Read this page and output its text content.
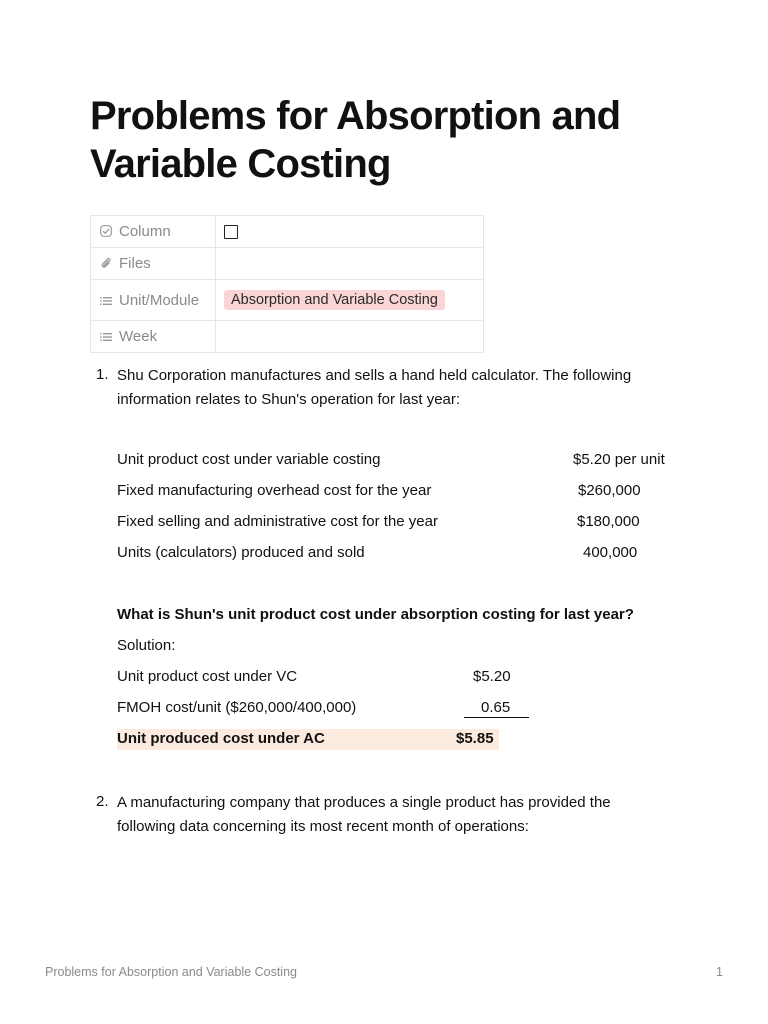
Problems for Absorption and Variable Costing
Column	
Files	
Unit/Module	Absorption and Variable Costing
Week	
1. Shu Corporation manufactures and sells a hand held calculator. The following information relates to Shun's operation for last year:

Unit product cost under variable costing	$5.20 per unit
Fixed manufacturing overhead cost for the year	$260,000
Fixed selling and administrative cost for the year	$180,000
Units (calculators) produced and sold	400,000
What is Shun's unit product cost under absorption costing for last year?
Solution:
Unit product cost under VC	$5.20
FMOH cost/unit ($260,000/400,000)	0.65
Unit produced cost under AC	$5.85
2. A manufacturing company that produces a single product has provided the following data concerning its most recent month of operations:

Problems for Absorption and Variable Costing	1
